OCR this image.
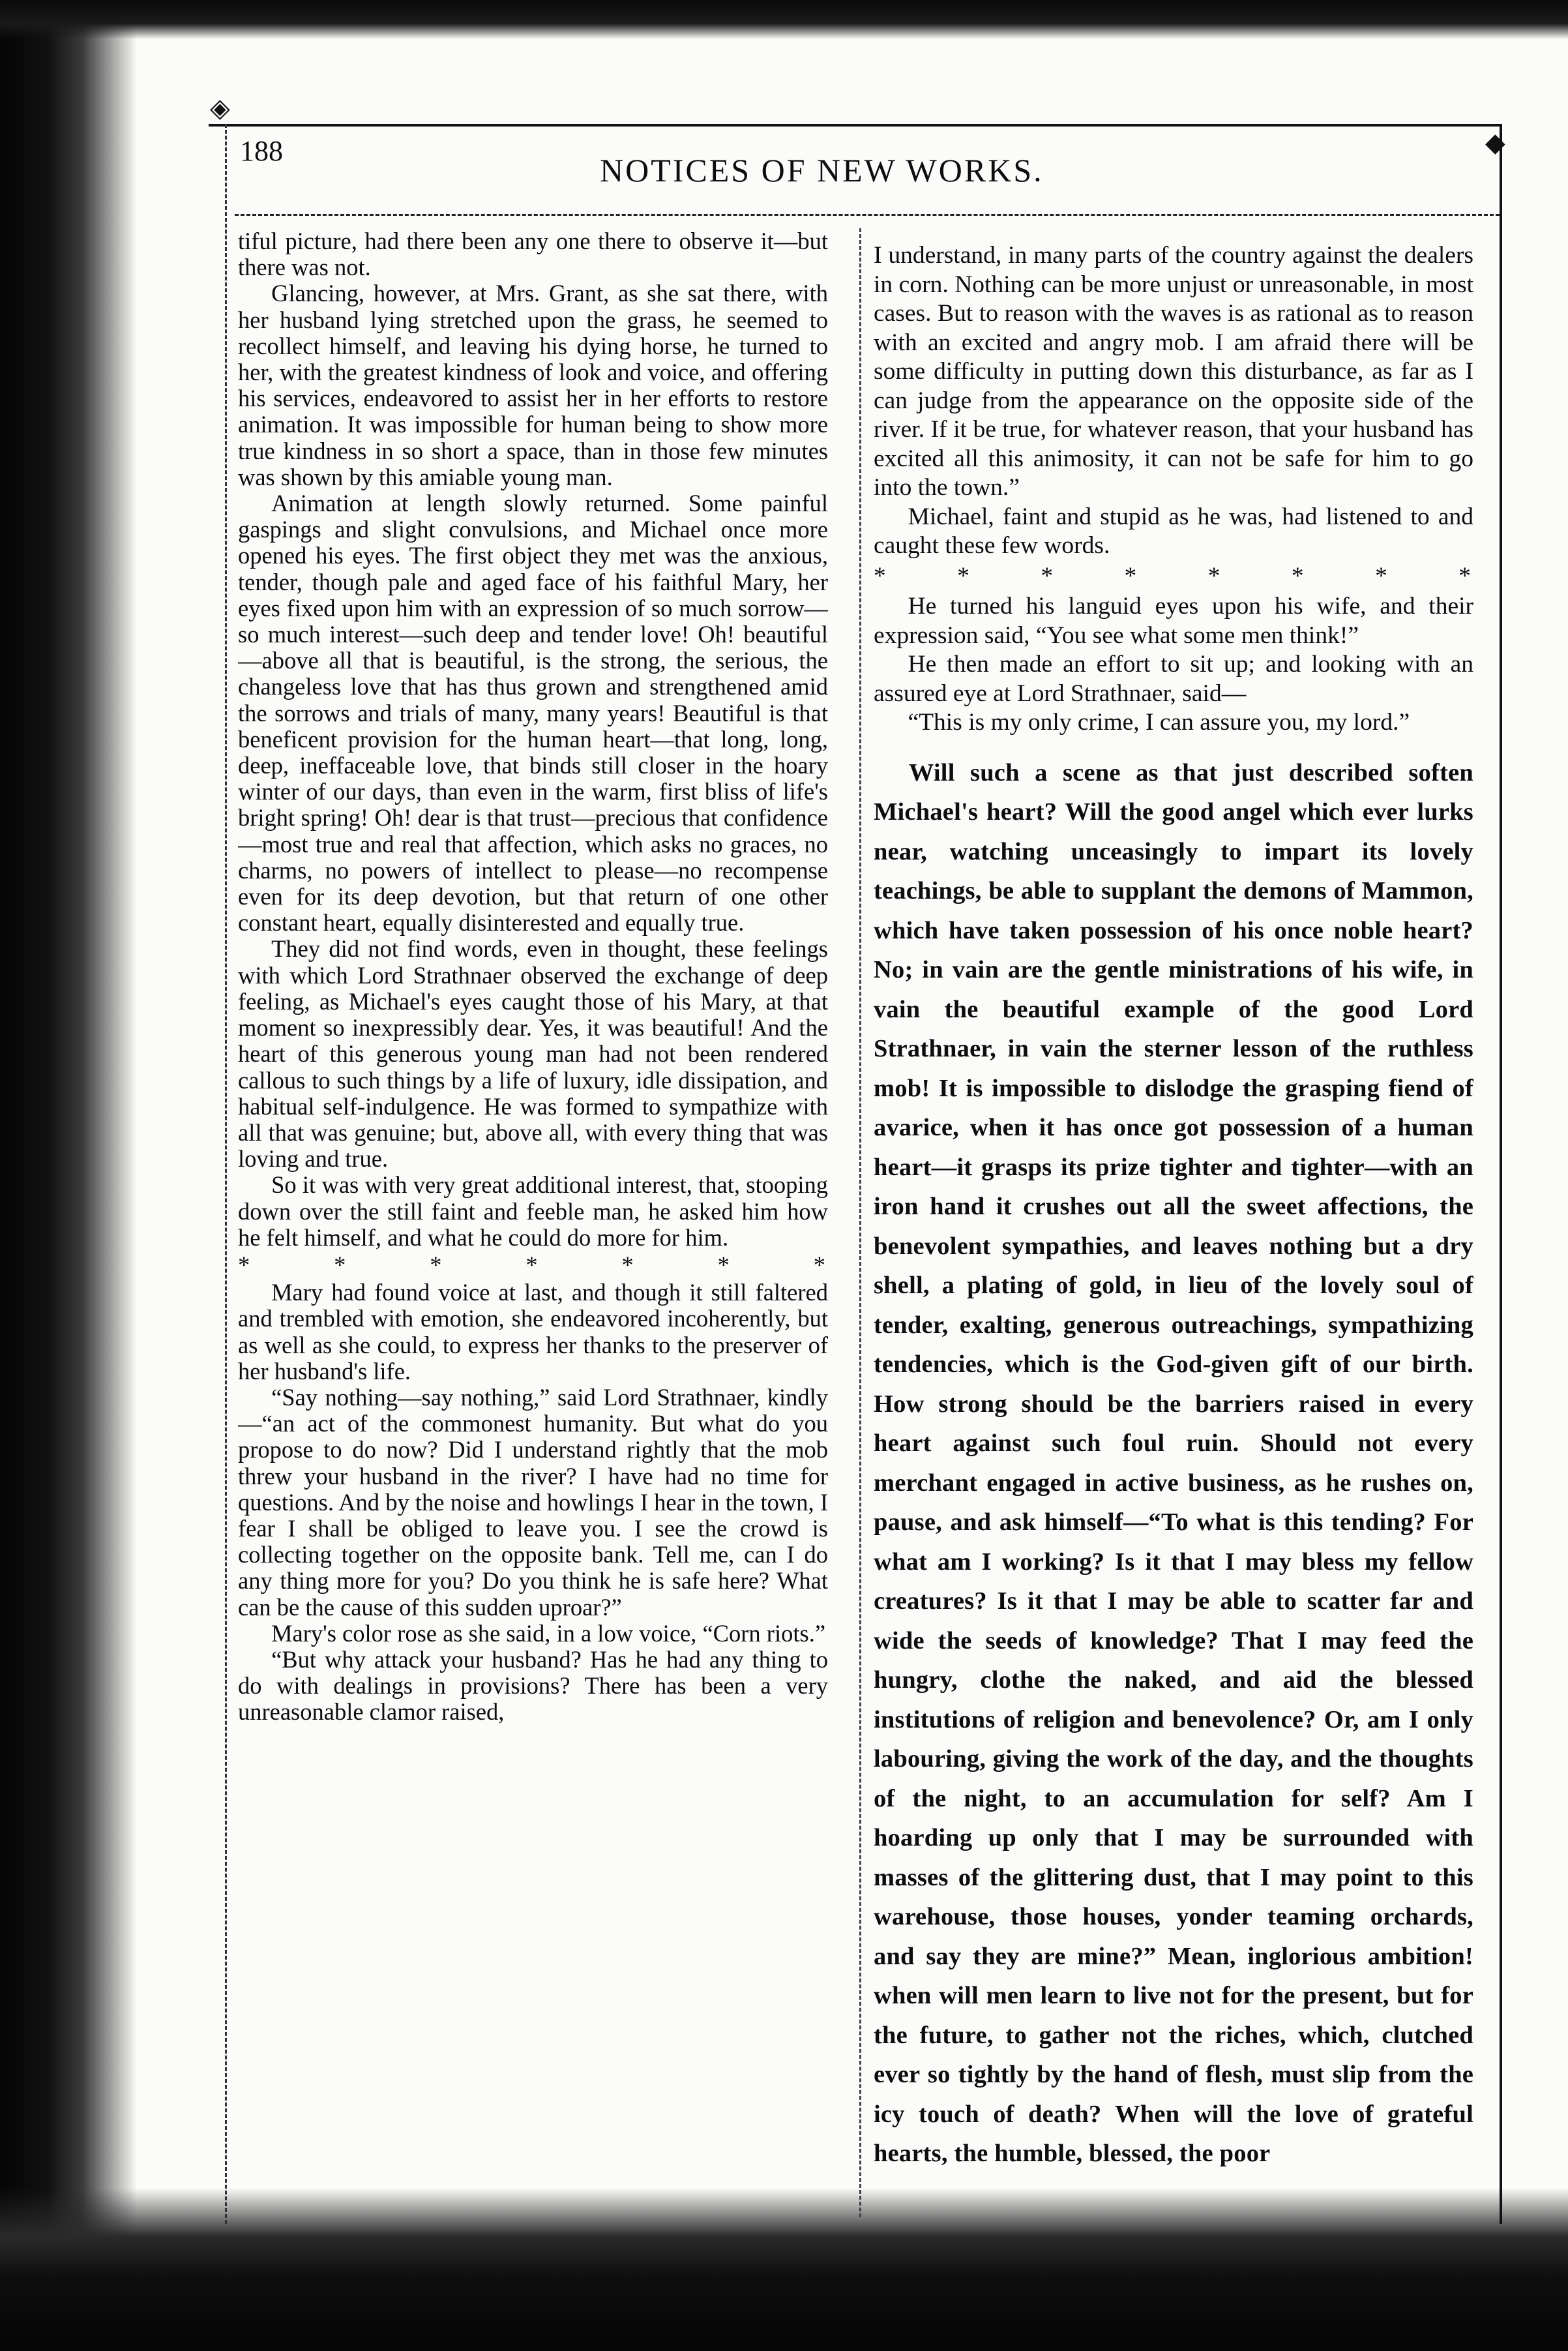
◈
◆
188
NOTICES OF NEW WORKS.

tiful picture, had there been any one there to observe it—but there was not.

Glancing, however, at Mrs. Grant, as she sat there, with her husband lying stretched upon the grass, he seemed to recollect himself, and leaving his dying horse, he turned to her, with the greatest kindness of look and voice, and offering his services, endeavored to assist her in her efforts to restore animation. It was impossible for human being to show more true kindness in so short a space, than in those few minutes was shown by this amiable young man.

Animation at length slowly returned. Some painful gaspings and slight convulsions, and Michael once more opened his eyes. The first object they met was the anxious, tender, though pale and aged face of his faithful Mary, her eyes fixed upon him with an expression of so much sorrow—so much interest—such deep and tender love! Oh! beautiful—above all that is beautiful, is the strong, the serious, the changeless love that has thus grown and strengthened amid the sorrows and trials of many, many years! Beautiful is that beneficent provision for the human heart—that long, long, deep, ineffaceable love, that binds still closer in the hoary winter of our days, than even in the warm, first bliss of life's bright spring! Oh! dear is that trust—precious that confidence—most true and real that affection, which asks no graces, no charms, no powers of intellect to please—no recompense even for its deep devotion, but that return of one other constant heart, equally disinterested and equally true.

They did not find words, even in thought, these feelings with which Lord Strathnaer observed the exchange of deep feeling, as Michael's eyes caught those of his Mary, at that moment so inexpressibly dear. Yes, it was beautiful! And the heart of this generous young man had not been rendered callous to such things by a life of luxury, idle dissipation, and habitual self-indulgence. He was formed to sympathize with all that was genuine; but, above all, with every thing that was loving and true.

So it was with very great additional interest, that, stooping down over the still faint and feeble man, he asked him how he felt himself, and what he could do more for him.

* * * * * * *

Mary had found voice at last, and though it still faltered and trembled with emotion, she endeavored incoherently, but as well as she could, to express her thanks to the preserver of her husband's life.

“Say nothing—say nothing,” said Lord Strathnaer, kindly—“an act of the commonest humanity. But what do you propose to do now? Did I understand rightly that the mob threw your husband in the river? I have had no time for questions. And by the noise and howlings I hear in the town, I fear I shall be obliged to leave you. I see the crowd is collecting together on the opposite bank. Tell me, can I do any thing more for you? Do you think he is safe here? What can be the cause of this sudden uproar?”

Mary's color rose as she said, in a low voice, “Corn riots.”

“But why attack your husband? Has he had any thing to do with dealings in provisions? There has been a very unreasonable clamor raised,

I understand, in many parts of the country against the dealers in corn. Nothing can be more unjust or unreasonable, in most cases. But to reason with the waves is as rational as to reason with an excited and angry mob. I am afraid there will be some difficulty in putting down this disturbance, as far as I can judge from the appearance on the opposite side of the river. If it be true, for whatever reason, that your husband has excited all this animosity, it can not be safe for him to go into the town.”

Michael, faint and stupid as he was, had listened to and caught these few words.

* * * * * * * *

He turned his languid eyes upon his wife, and their expression said, “You see what some men think!”

He then made an effort to sit up; and looking with an assured eye at Lord Strathnaer, said—

“This is my only crime, I can assure you, my lord.”

Will such a scene as that just described soften Michael's heart? Will the good angel which ever lurks near, watching unceasingly to impart its lovely teachings, be able to supplant the demons of Mammon, which have taken possession of his once noble heart? No; in vain are the gentle ministrations of his wife, in vain the beautiful example of the good Lord Strathnaer, in vain the sterner lesson of the ruthless mob! It is impossible to dislodge the grasping fiend of avarice, when it has once got possession of a human heart—it grasps its prize tighter and tighter—with an iron hand it crushes out all the sweet affections, the benevolent sympathies, and leaves nothing but a dry shell, a plating of gold, in lieu of the lovely soul of tender, exalting, generous outreachings, sympathizing tendencies, which is the God-given gift of our birth. How strong should be the barriers raised in every heart against such foul ruin. Should not every merchant engaged in active business, as he rushes on, pause, and ask himself—“To what is this tending? For what am I working? Is it that I may bless my fellow creatures? Is it that I may be able to scatter far and wide the seeds of knowledge? That I may feed the hungry, clothe the naked, and aid the blessed institutions of religion and benevolence? Or, am I only labouring, giving the work of the day, and the thoughts of the night, to an accumulation for self? Am I hoarding up only that I may be surrounded with masses of the glittering dust, that I may point to this warehouse, those houses, yonder teaming orchards, and say they are mine?” Mean, inglorious ambition! when will men learn to live not for the present, but for the future, to gather not the riches, which, clutched ever so tightly by the hand of flesh, must slip from the icy touch of death? When will the love of grateful hearts, the humble, blessed, the poor
